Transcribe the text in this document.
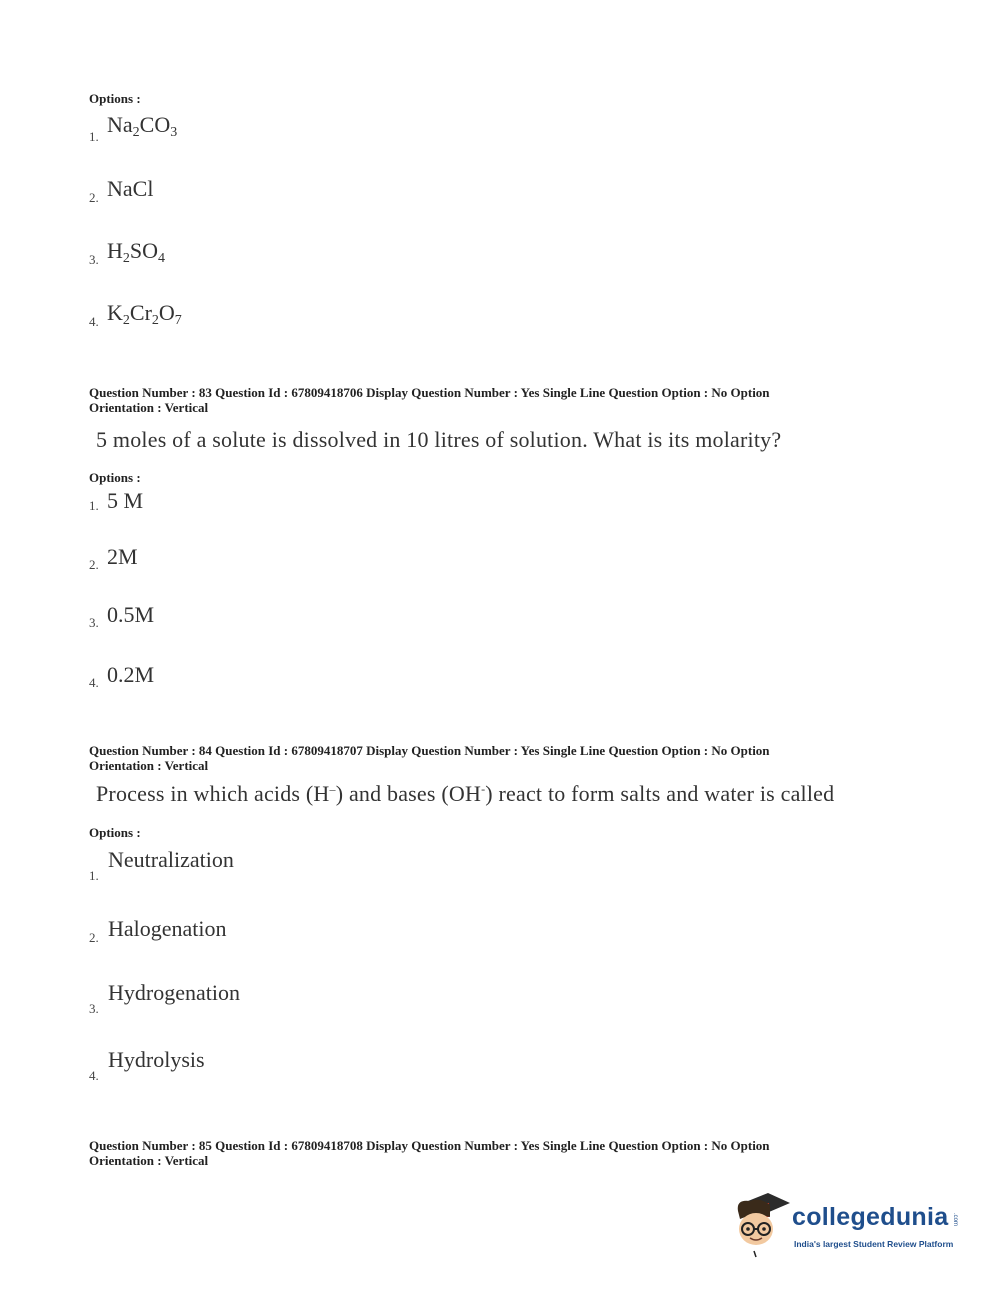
Options :
1. $Na_2CO_3$
2. NaCl
3. $H_2SO_4$
4. $K_2Cr_2O_7$
Question Number : 83 Question Id : 67809418706 Display Question Number : Yes Single Line Question Option : No Option
Orientation : Vertical
5 moles of a solute is dissolved in 10 litres of solution. What is its molarity?
Options :
1. 5 M
2. 2M
3. 0.5M
4. 0.2M
Question Number : 84 Question Id : 67809418707 Display Question Number : Yes Single Line Question Option : No Option
Orientation : Vertical
Process in which acids (H–) and bases (OH-) react to form salts and water is called
Options :
1.
Neutralization
2. Halogenation
3.
Hydrogenation
4.
Hydrolysis
Question Number : 85 Question Id : 67809418708 Display Question Number : Yes Single Line Question Option : No Option
Orientation : Vertical
collegedunia .com
India's largest Student Review Platform
